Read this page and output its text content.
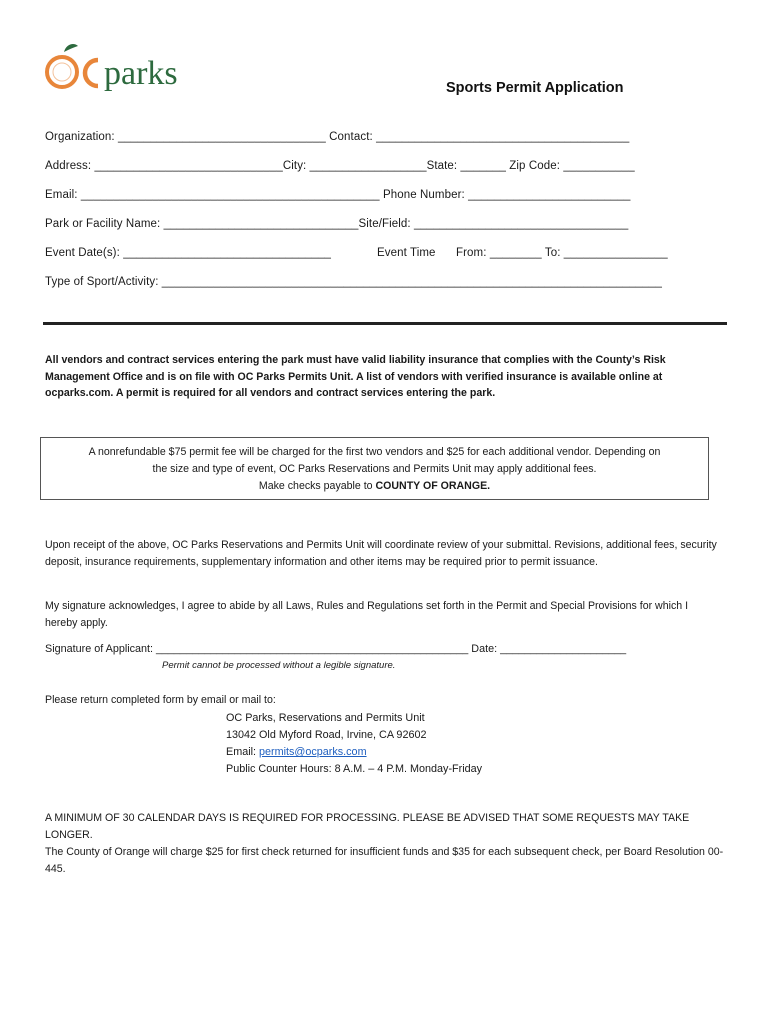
parks	Sports Permit Application
Organization: ________________________________ Contact: _______________________________________
Address: _____________________________City: __________________State: _______ Zip Code: ___________
Email: ______________________________________________ Phone Number: _________________________
Park or Facility Name: ______________________________Site/Field: _________________________________
Event Date(s): ________________________________	Event Time From: ________ To: ________________
Type of Sport/Activity: _____________________________________________________________________________
All vendors and contract services entering the park must have valid liability insurance that complies with the County’s Risk Management Office and is on file with OC Parks Permits Unit. A list of vendors with verified insurance is available online at ocparks.com. A permit is required for all vendors and contract services entering the park.
A nonrefundable $75 permit fee will be charged for the first two vendors and $25 for each additional vendor. Depending on
the size and type of event, OC Parks Reservations and Permits Unit may apply additional fees.
Make checks payable to COUNTY OF ORANGE.
Upon receipt of the above, OC Parks Reservations and Permits Unit will coordinate review of your submittal. Revisions, additional fees, security deposit, insurance requirements, supplementary information and other items may be required prior to permit issuance.
My signature acknowledges, I agree to abide by all Laws, Rules and Regulations set forth in the Permit and Special Provisions for which I hereby apply.
Signature of Applicant: ____________________________________________________ Date: _____________________
Permit cannot be processed without a legible signature.
Please return completed form by email or mail to:
OC Parks, Reservations and Permits Unit
13042 Old Myford Road, Irvine, CA 92602
Email: permits@ocparks.com
Public Counter Hours: 8 A.M. – 4 P.M. Monday-Friday
A MINIMUM OF 30 CALENDAR DAYS IS REQUIRED FOR PROCESSING. PLEASE BE ADVISED THAT SOME REQUESTS MAY TAKE LONGER.
The County of Orange will charge $25 for first check returned for insufficient funds and $35 for each subsequent check, per Board Resolution 00-445.
